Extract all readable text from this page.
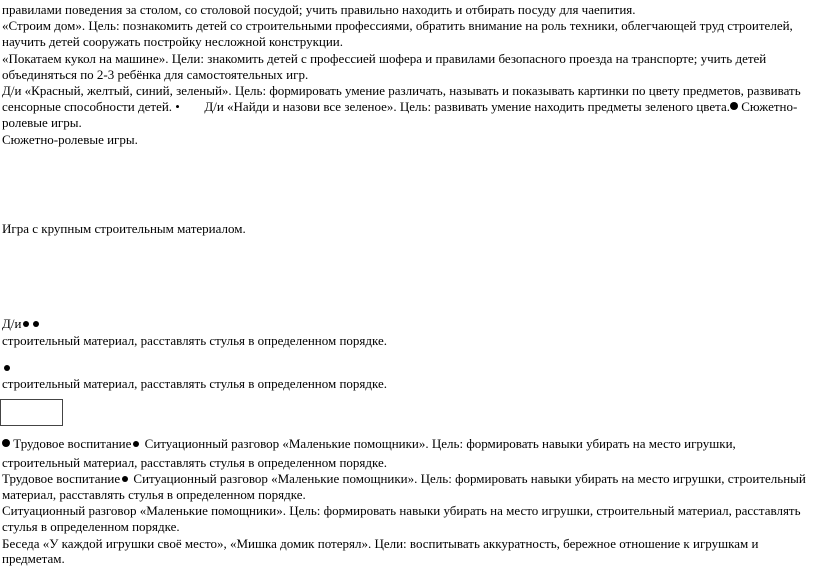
правилами поведения за столом, со столовой посудой; учить правильно находить и отбирать посуду для чаепития.
«Строим дом». Цель: познакомить детей со строительными профессиями, обратить внимание на роль техники, облегчающей труд строителей,
научить детей сооружать постройку несложной конструкции.
«Покатаем кукол на машине». Цели: знакомить детей с профессией шофера и правилами безопасного проезда на транспорте; учить детей
объединяться по 2-3 ребёнка для самостоятельных игр.
Д/и «Красный, желтый, синий, зеленый». Цель: формировать умение различать, называть и показывать картинки по цвету предметов, развивать
сенсорные способности детей. • Д/и «Найди и назови все зеленое». Цель: развивать умение находить предметы зеленого цвета. Сюжетно-
ролевые игры.
Сюжетно-ролевые игры.
Игра с крупным строительным материалом.
Д/и
строительный материал, расставлять стулья в определенном порядке.
строительный материал, расставлять стулья в определенном порядке.
Трудовое воспитание Ситуационный разговор «Маленькие помощники». Цель: формировать навыки убирать на место игрушки,
строительный материал, расставлять стулья в определенном порядке.
Трудовое воспитание Ситуационный разговор «Маленькие помощники». Цель: формировать навыки убирать на место игрушки, строительный
материал, расставлять стулья в определенном порядке.
Ситуационный разговор «Маленькие помощники». Цель: формировать навыки убирать на место игрушки, строительный материал, расставлять
стулья в определенном порядке.
Беседа «У каждой игрушки своё место», «Мишка домик потерял». Цели: воспитывать аккуратность, бережное отношение к игрушкам и
предметам.
